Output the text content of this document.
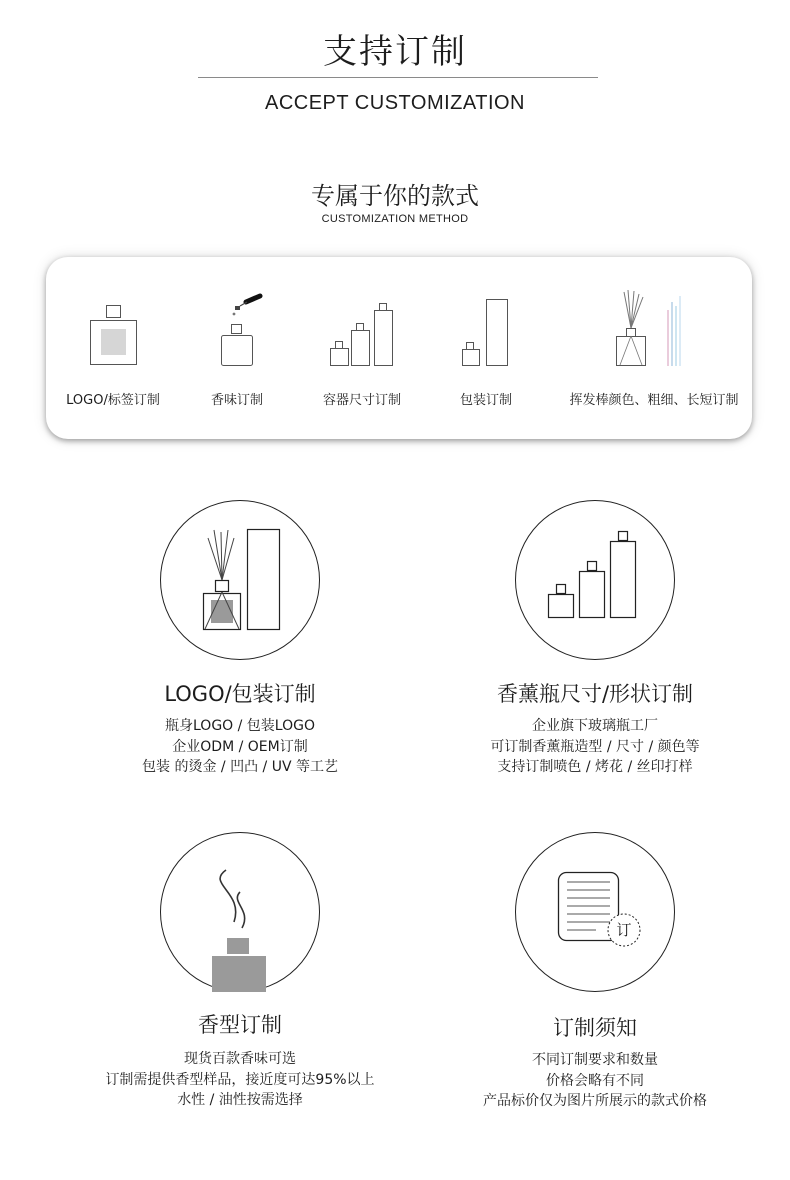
支持订制
ACCEPT CUSTOMIZATION
专属于你的款式
CUSTOMIZATION METHOD
LOGO/标签订制	香味订制	容器尺寸订制	包装订制	挥发棒颜色、粗细、长短订制
LOGO/包装订制
瓶身LOGO / 包装LOGO
企业ODM / OEM订制
包装 的烫金 / 凹凸 / UV 等工艺
香薰瓶尺寸/形状订制
企业旗下玻璃瓶工厂
可订制香薰瓶造型 / 尺寸 / 颜色等
支持订制喷色 / 烤花 / 丝印打样
香型订制
现货百款香味可选
订制需提供香型样品，接近度可达95%以上
水性 / 油性按需选择
订
订制须知
不同订制要求和数量
价格会略有不同
产品标价仅为图片所展示的款式价格
